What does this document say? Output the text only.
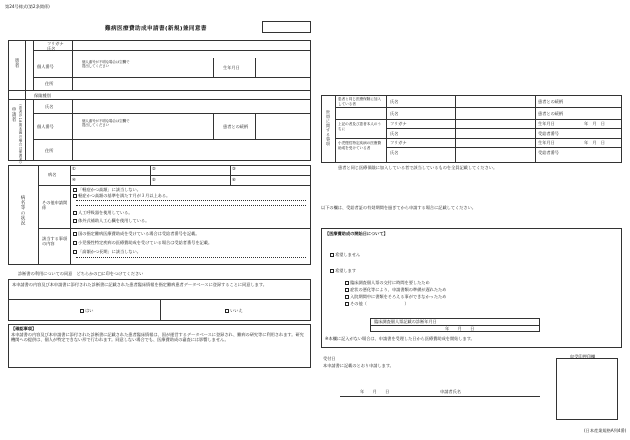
第24号様式(第2条関係)
難病医療費助成申請書(新規)兼同意書
患者
フリガナ
氏名
個人番号
個人番号が不明な場合は空欄で提出してください	生年月日
住所
保険種別
申請者 （患者が18歳未満の場合は保護者）	氏名
個人番号
個人番号が不明な場合は空欄で提出してください	患者との続柄
住所
病名等の状況
病名
①	②	③
④	⑤	⑥
その他申請関係
該当する事項の内容
「軽症かつ高額」に該当しない。
軽症かつ高額の基準を満たす月が３月以上ある。
人工呼吸器を使用している。
体外式補助人工心臓を使用している。
国の指定難病医療費助成を受けている場合は受給者番号を記載。
小児慢性特定疾病の医療費助成を受けている場合は受給者番号を記載。
「高額かつ長期」に該当しない。
診断書の利用についての同意　どちらかの□に印をつけてください
本申請書の内容及び本申請書に添付された診断書に記載された患者臨床情報を指定難病患者データベースに登録することに同意します。
はい	いいえ
【確認事項】
本申請書の内容及び本申請書に添付された診断書に記載された患者臨床情報は、国が運営するデータベースに登録され、難病の研究等に利用されます。研究機関への提供は、個人が特定できない形で行われます。同意しない場合でも、医療費助成の審査には影響しません。
世帯に関する事項
患者と同じ医療保険に加入している者
上記の者及び患者本人のうちに
小児慢性特定疾病の医療費助成を受けている者
氏名	患者との続柄
氏名	患者との続柄
フリガナ	生年月日	年　月　日
氏名	受給者番号
フリガナ	生年月日	年　月　日
氏名	受給者番号
患者と同じ医療保険に加入している者で該当しているものを全員記載してください。
以下の欄は、受給者証の有効期間を過ぎてから申請する場合に記載してください。
【医療費助成の開始日について】
希望しません
希望します
臨床調査個人票の交付に時間を要したため
症状の悪化等により、申請書類の準備が遅れたため
入院期間中に書類をそろえる事ができなかったため
その他（　　　　　　　　　）
臨床調査個人票記載の診断年月日
年　　月　　日
※本欄に記入がない場合は、申請書を受理した日から医療費助成を開始します。
受付日
本申請書に記載のとおり申請します。
年　　月　　日	申請者氏名
収受印押印欄
(日本産業規格A列4番)
